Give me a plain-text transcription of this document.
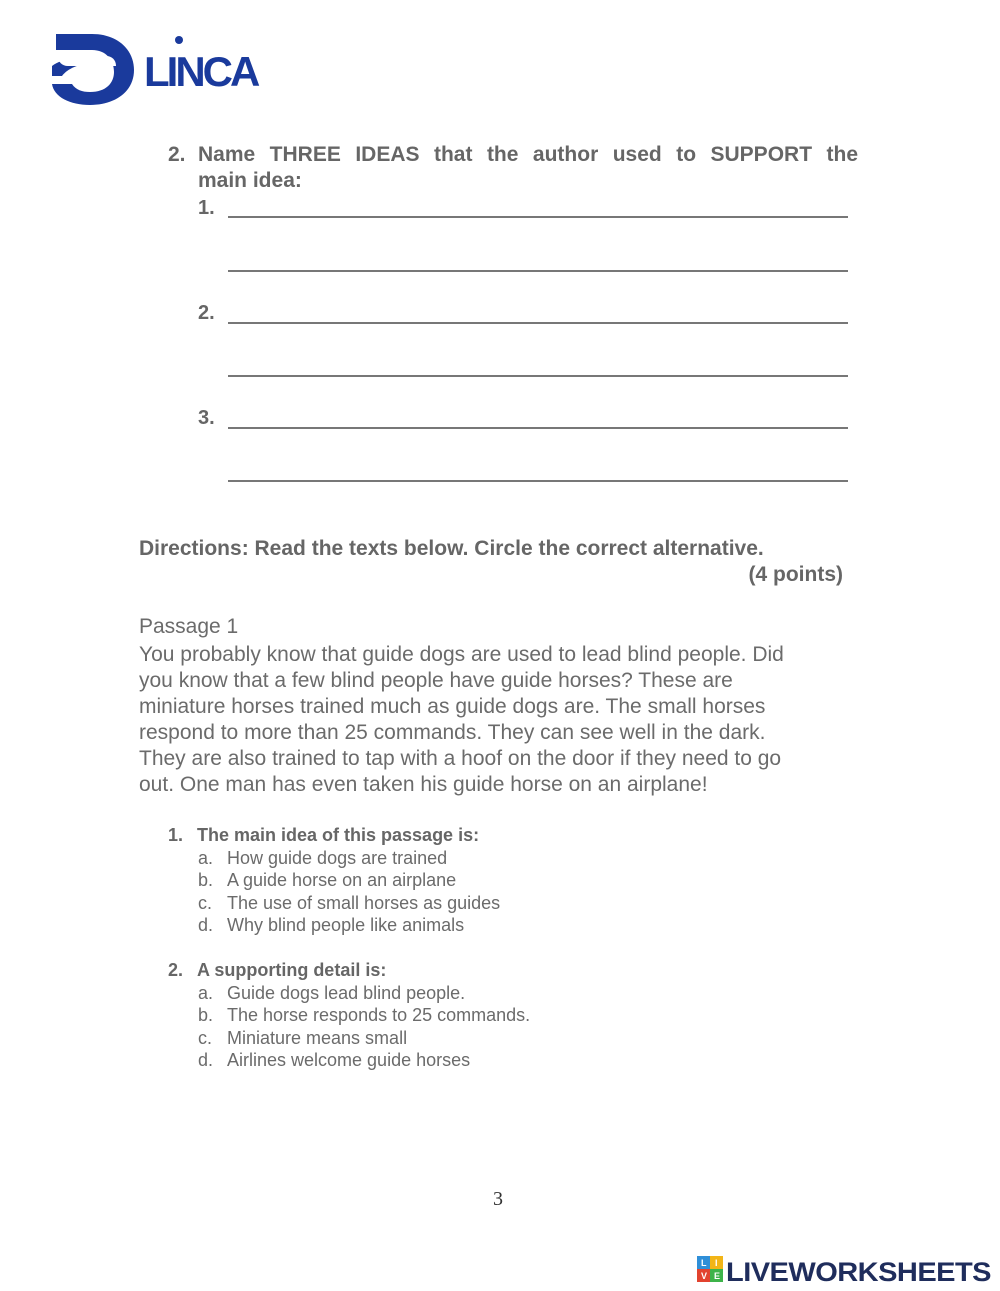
LINCA
2. Name THREE IDEAS that the author used to SUPPORT the
main idea:
1.
2.
3.
Directions: Read the texts below. Circle the correct alternative.
(4 points)
Passage 1
You probably know that guide dogs are used to lead blind people. Did
you know that a few blind people have guide horses? These are
miniature horses trained much as guide dogs are. The small horses
respond to more than 25 commands. They can see well in the dark.
They are also trained to tap with a hoof on the door if they need to go
out. One man has even taken his guide horse on an airplane!
1. The main idea of this passage is:
a. How guide dogs are trained
b. A guide horse on an airplane
c. The use of small horses as guides
d. Why blind people like animals
2. A supporting detail is:
a. Guide dogs lead blind people.
b. The horse responds to 25 commands.
c. Miniature means small
d. Airlines welcome guide horses
3
L I
V E LIVEWORKSHEETS
